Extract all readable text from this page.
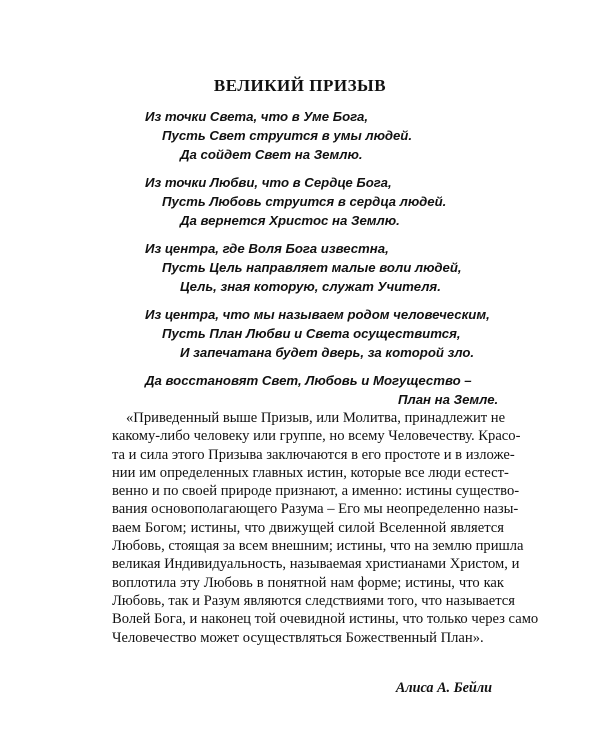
ВЕЛИКИЙ ПРИЗЫВ
Из точки Света, что в Уме Бога,
Пусть Свет струится в умы людей.
Да сойдет Свет на Землю.
Из точки Любви, что в Сердце Бога,
Пусть Любовь струится в сердца людей.
Да вернется Христос на Землю.
Из центра, где Воля Бога известна,
Пусть Цель направляет малые воли людей,
Цель, зная которую, служат Учителя.
Из центра, что мы называем родом человеческим,
Пусть План Любви и Света осуществится,
И запечатана будет дверь, за которой зло.
Да восстановят Свет, Любовь и Могущество –
План на Земле.
«Приведенный выше Призыв, или Молитва, принадлежит не
какому-либо человеку или группе, но всему Человечеству. Красо-
та и сила этого Призыва заключаются в его простоте и в изложе-
нии им определенных главных истин, которые все люди естест-
венно и по своей природе признают, а именно: истины существо-
вания основополагающего Разума – Его мы неопределенно назы-
ваем Богом; истины, что движущей силой Вселенной является
Любовь, стоящая за всем внешним; истины, что на землю пришла
великая Индивидуальность, называемая христианами Христом, и
воплотила эту Любовь в понятной нам форме; истины, что как
Любовь, так и Разум являются следствиями того, что называется
Волей Бога, и наконец той очевидной истины, что только через само
Человечество может осуществляться Божественный План».
Алиса А. Бейли
